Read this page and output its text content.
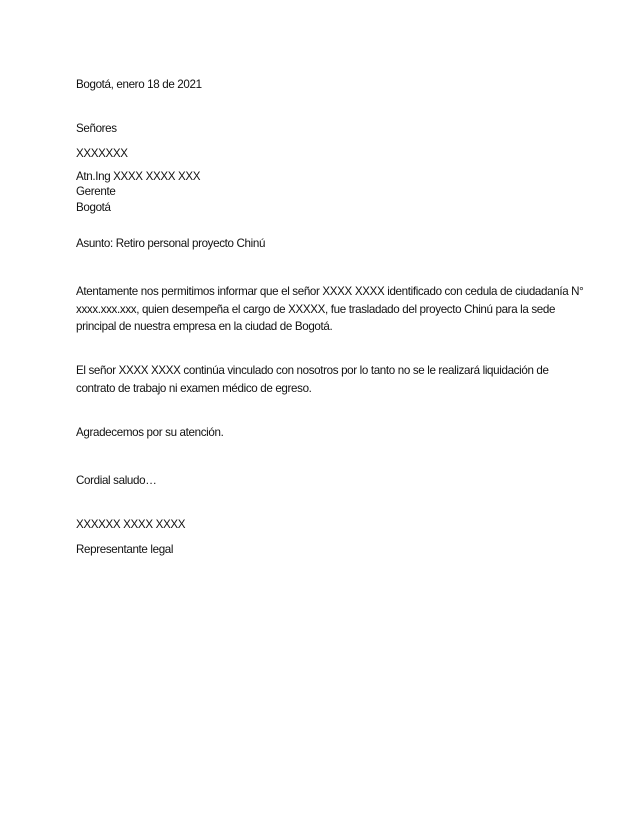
Bogotá, enero 18 de 2021
Señores
XXXXXXX
Atn.Ing XXXX XXXX XXX
Gerente
Bogotá
Asunto: Retiro personal proyecto Chinú
Atentamente nos permitimos informar que el señor XXXX XXXX identificado con cedula de ciudadanía N°
xxxx.xxx.xxx, quien desempeña el cargo de XXXXX, fue trasladado del proyecto Chinú para la sede
principal de nuestra empresa en la ciudad de Bogotá.
El señor XXXX XXXX continúa vinculado con nosotros por lo tanto no se le realizará liquidación de
contrato de trabajo ni examen médico de egreso.
Agradecemos por su atención.
Cordial saludo…
XXXXXX XXXX XXXX
Representante legal
